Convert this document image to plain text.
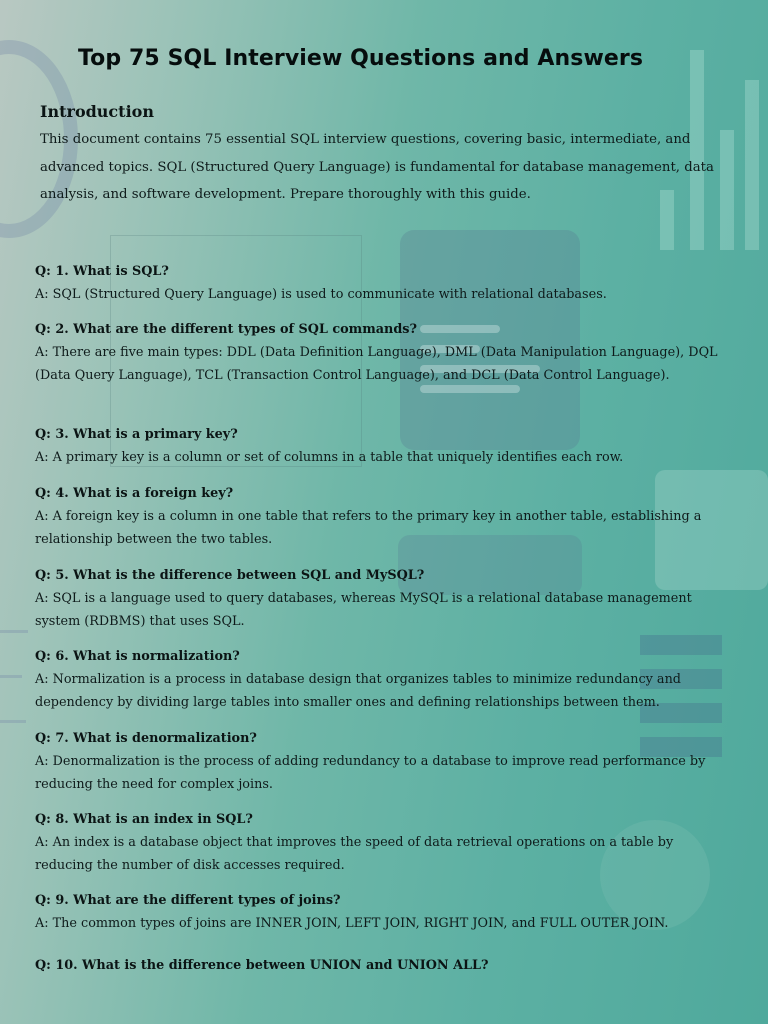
Top 75 SQL Interview Questions and Answers
Introduction
This document contains 75 essential SQL interview questions, covering basic, intermediate, and advanced topics. SQL (Structured Query Language) is fundamental for database management, data analysis, and software development. Prepare thoroughly with this guide.
Q: 1. What is SQL?
A: SQL (Structured Query Language) is used to communicate with relational databases.
Q: 2. What are the different types of SQL commands?
A: There are five main types: DDL (Data Definition Language), DML (Data Manipulation Language), DQL (Data Query Language), TCL (Transaction Control Language), and DCL (Data Control Language).
Q: 3. What is a primary key?
A: A primary key is a column or set of columns in a table that uniquely identifies each row.
Q: 4. What is a foreign key?
A: A foreign key is a column in one table that refers to the primary key in another table, establishing a relationship between the two tables.
Q: 5. What is the difference between SQL and MySQL?
A: SQL is a language used to query databases, whereas MySQL is a relational database management system (RDBMS) that uses SQL.
Q: 6. What is normalization?
A: Normalization is a process in database design that organizes tables to minimize redundancy and dependency by dividing large tables into smaller ones and defining relationships between them.
Q: 7. What is denormalization?
A: Denormalization is the process of adding redundancy to a database to improve read performance by reducing the need for complex joins.
Q: 8. What is an index in SQL?
A: An index is a database object that improves the speed of data retrieval operations on a table by reducing the number of disk accesses required.
Q: 9. What are the different types of joins?
A: The common types of joins are INNER JOIN, LEFT JOIN, RIGHT JOIN, and FULL OUTER JOIN.
Q: 10. What is the difference between UNION and UNION ALL?
